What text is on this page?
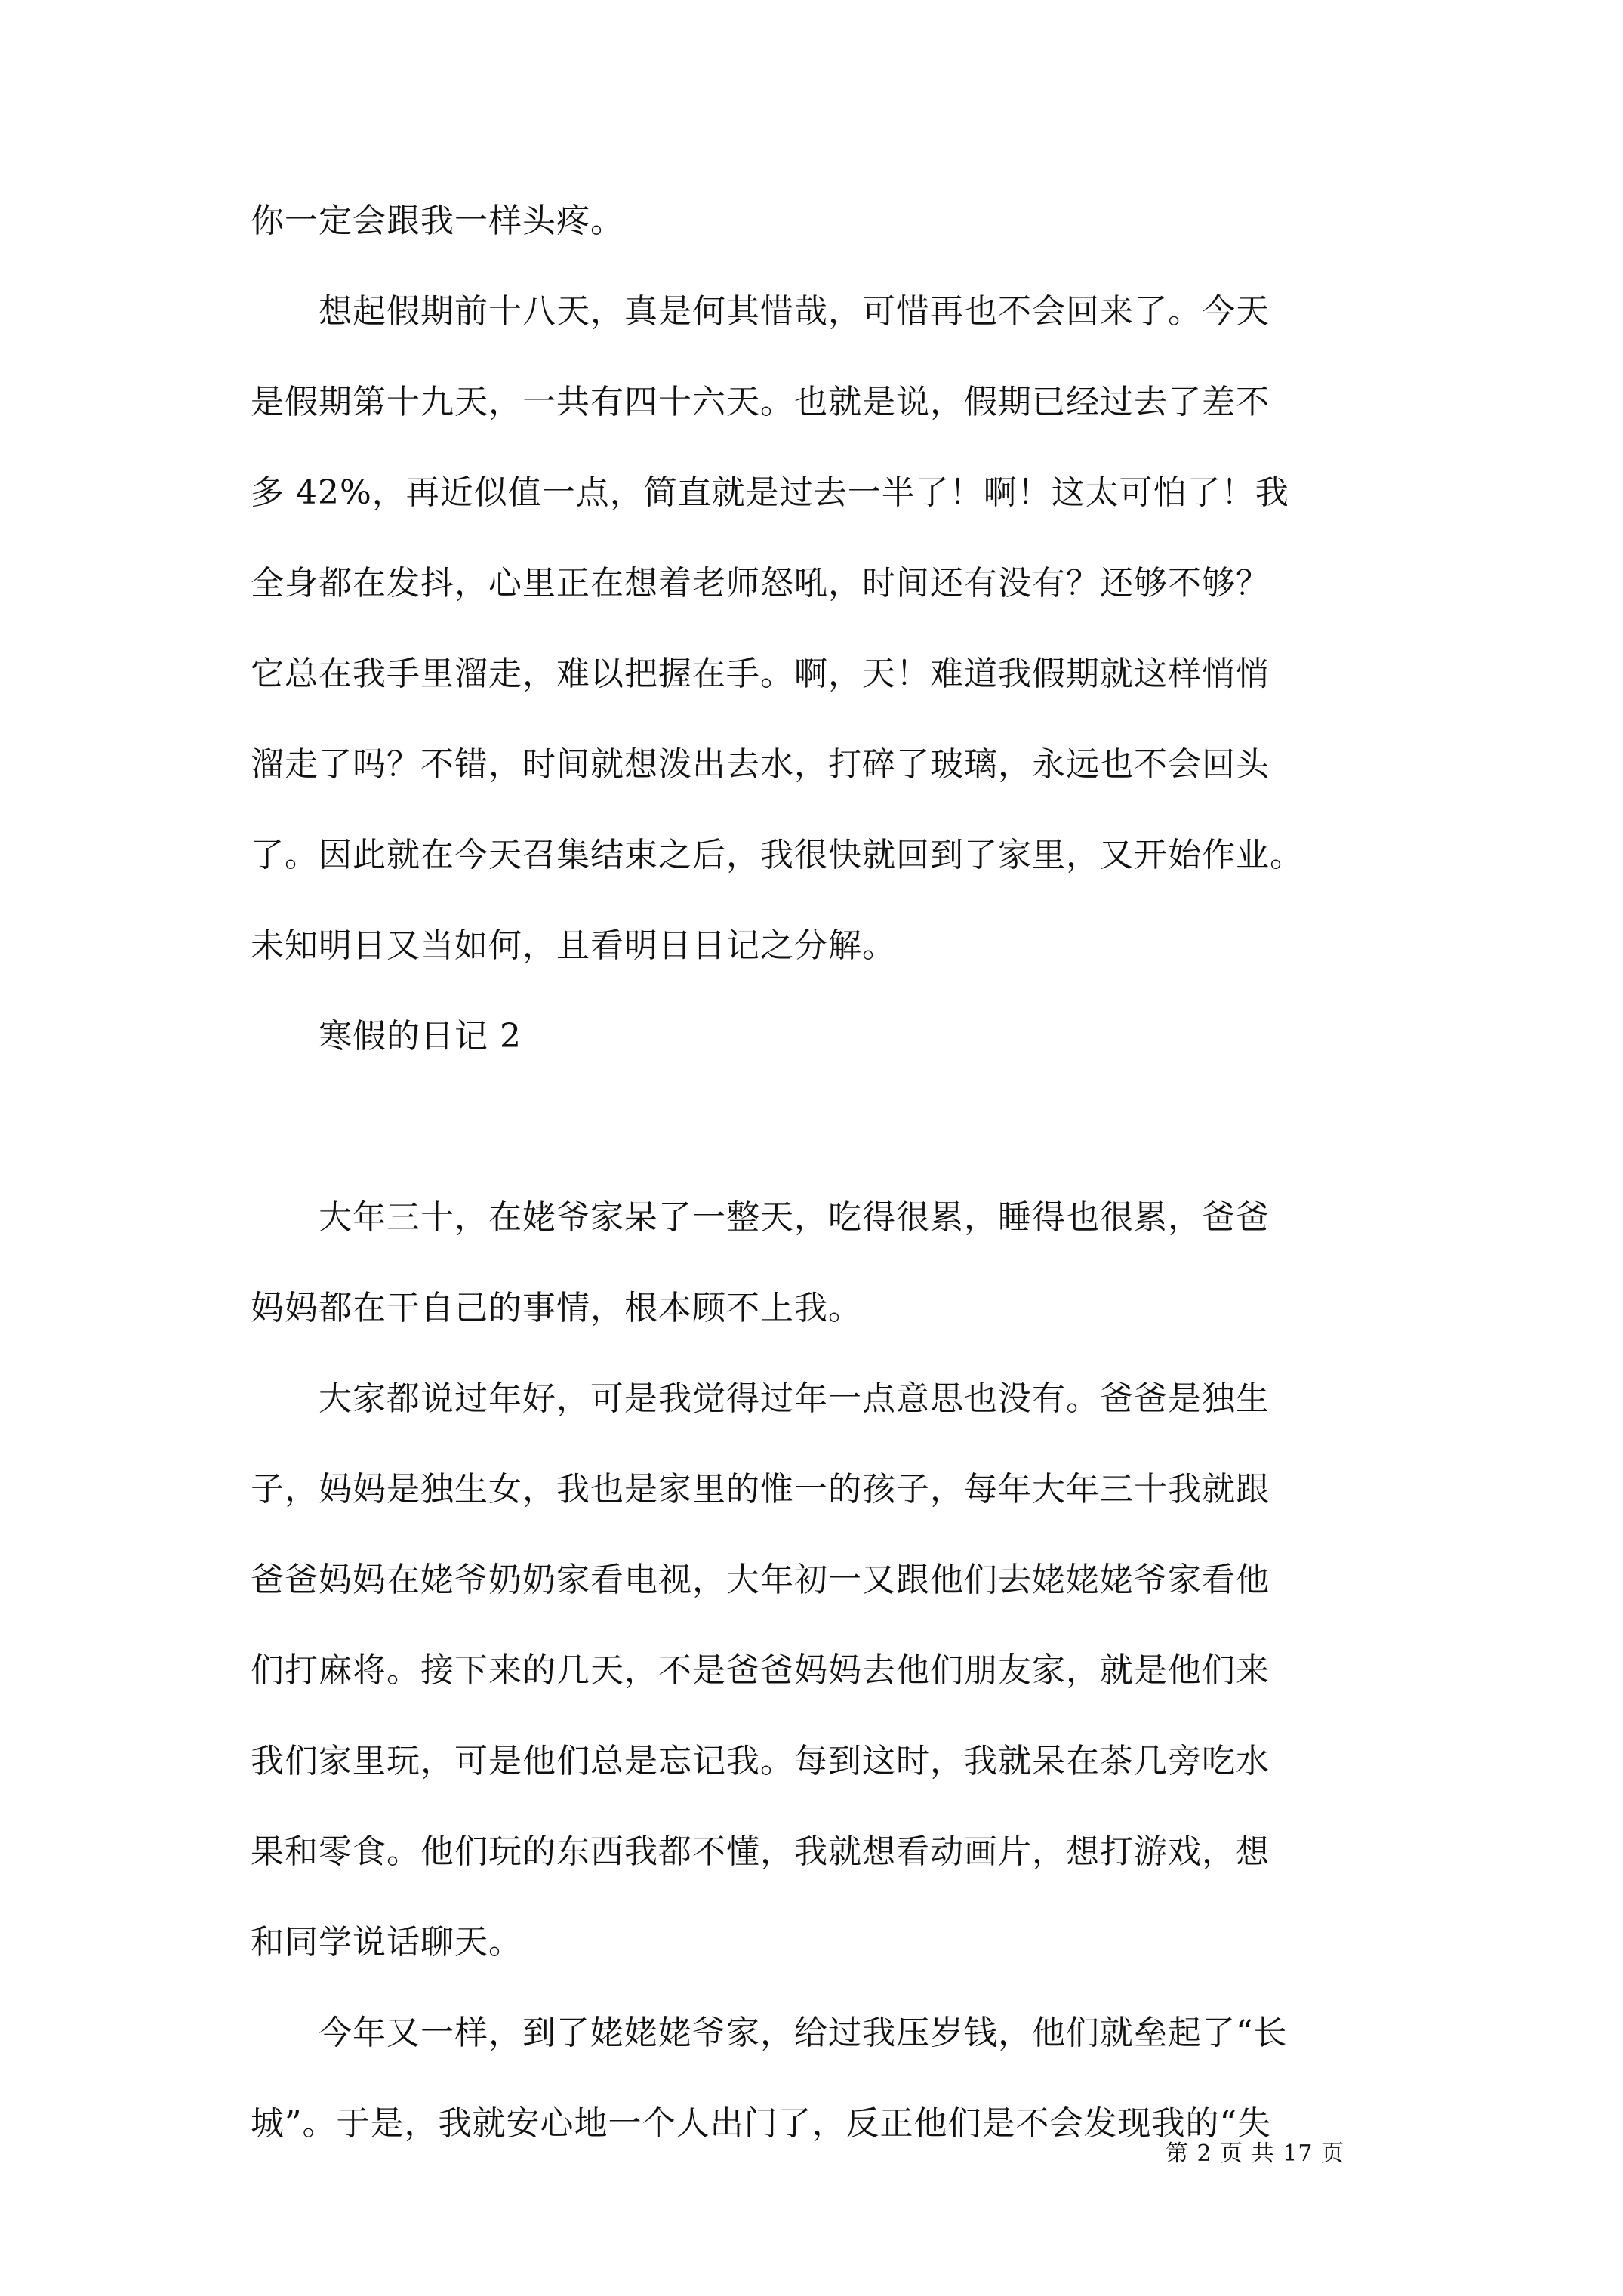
你一定会跟我一样头疼。
　　想起假期前十八天，真是何其惜哉，可惜再也不会回来了。今天
是假期第十九天，一共有四十六天。也就是说，假期已经过去了差不
多 42%，再近似值一点，简直就是过去一半了！啊！这太可怕了！我
全身都在发抖，心里正在想着老师怒吼，时间还有没有？还够不够？
它总在我手里溜走，难以把握在手。啊，天！难道我假期就这样悄悄
溜走了吗？不错，时间就想泼出去水，打碎了玻璃，永远也不会回头
了。因此就在今天召集结束之后，我很快就回到了家里，又开始作业。
未知明日又当如何，且看明日日记之分解。
　　寒假的日记 2
　　大年三十，在姥爷家呆了一整天，吃得很累，睡得也很累，爸爸
妈妈都在干自己的事情，根本顾不上我。
　　大家都说过年好，可是我觉得过年一点意思也没有。爸爸是独生
子，妈妈是独生女，我也是家里的惟一的孩子，每年大年三十我就跟
爸爸妈妈在姥爷奶奶家看电视，大年初一又跟他们去姥姥姥爷家看他
们打麻将。接下来的几天，不是爸爸妈妈去他们朋友家，就是他们来
我们家里玩，可是他们总是忘记我。每到这时，我就呆在茶几旁吃水
果和零食。他们玩的东西我都不懂，我就想看动画片，想打游戏，想
和同学说话聊天。
　　今年又一样，到了姥姥姥爷家，给过我压岁钱，他们就垒起了“长
城”。于是，我就安心地一个人出门了，反正他们是不会发现我的“失
第 2 页 共 17 页
